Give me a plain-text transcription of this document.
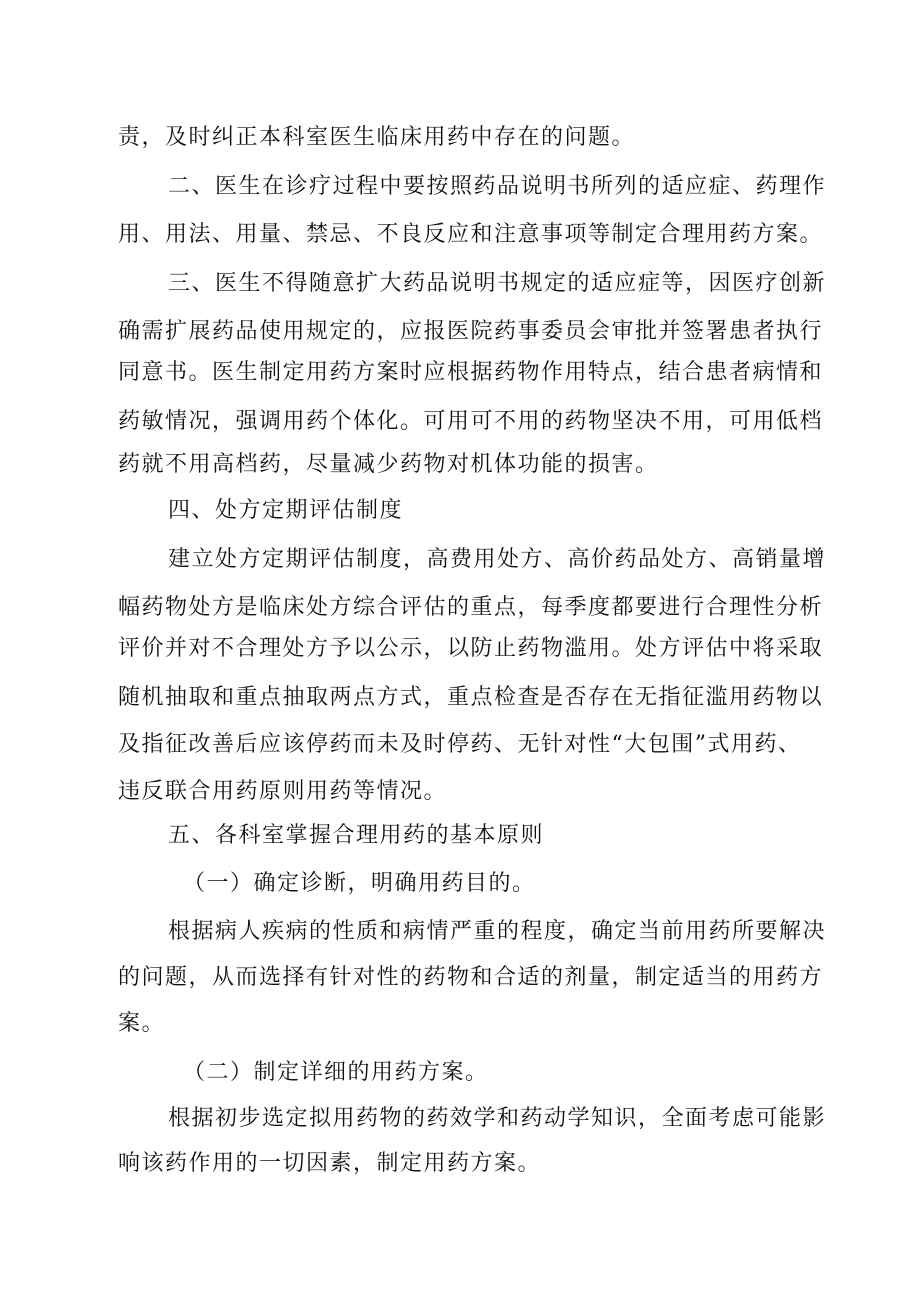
责，及时纠正本科室医生临床用药中存在的问题。
二、医生在诊疗过程中要按照药品说明书所列的适应症、药理作
用、用法、用量、禁忌、不良反应和注意事项等制定合理用药方案。
三、医生不得随意扩大药品说明书规定的适应症等，因医疗创新
确需扩展药品使用规定的，应报医院药事委员会审批并签署患者执行
同意书。医生制定用药方案时应根据药物作用特点，结合患者病情和
药敏情况，强调用药个体化。可用可不用的药物坚决不用，可用低档
药就不用高档药，尽量减少药物对机体功能的损害。
四、处方定期评估制度
建立处方定期评估制度，高费用处方、高价药品处方、高销量增
幅药物处方是临床处方综合评估的重点，每季度都要进行合理性分析
评价并对不合理处方予以公示，以防止药物滥用。处方评估中将采取
随机抽取和重点抽取两点方式，重点检查是否存在无指征滥用药物以
及指征改善后应该停药而未及时停药、无针对性“大包围”式用药、
违反联合用药原则用药等情况。
五、各科室掌握合理用药的基本原则
（一）确定诊断，明确用药目的。
根据病人疾病的性质和病情严重的程度，确定当前用药所要解决
的问题，从而选择有针对性的药物和合适的剂量，制定适当的用药方
案。
（二）制定详细的用药方案。
根据初步选定拟用药物的药效学和药动学知识，全面考虑可能影
响该药作用的一切因素，制定用药方案。
